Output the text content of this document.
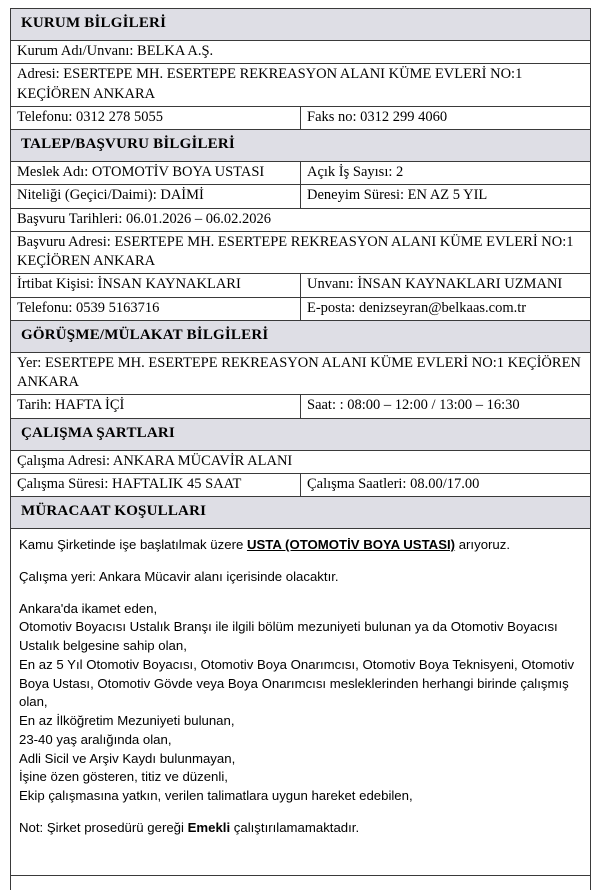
KURUM BİLGİLERİ	
Kurum Adı/Unvanı: BELKA A.Ş.	
Adresi: ESERTEPE MH. ESERTEPE REKREASYON ALANI KÜME EVLERİ NO:1 KEÇİÖREN ANKARA	
Telefonu: 0312 278 5055	Faks no: 0312 299 4060
TALEP/BAŞVURU BİLGİLERİ	
Meslek Adı: OTOMOTİV BOYA USTASI	Açık İş Sayısı: 2
Niteliği (Geçici/Daimi): DAİMİ	Deneyim Süresi: EN AZ 5 YIL
Başvuru Tarihleri: 06.01.2026 – 06.02.2026	
Başvuru Adresi: ESERTEPE MH. ESERTEPE REKREASYON ALANI KÜME EVLERİ NO:1 KEÇİÖREN ANKARA	
İrtibat Kişisi: İNSAN KAYNAKLARI	Unvanı: İNSAN KAYNAKLARI UZMANI
Telefonu: 0539 5163716	E-posta: denizseyran@belkaas.com.tr
GÖRÜŞME/MÜLAKAT BİLGİLERİ	
Yer: ESERTEPE MH. ESERTEPE REKREASYON ALANI KÜME EVLERİ NO:1 KEÇİÖREN ANKARA	
Tarih: HAFTA İÇİ	Saat: : 08:00 – 12:00 / 13:00 – 16:30
ÇALIŞMA ŞARTLARI	
Çalışma Adresi: ANKARA MÜCAVİR ALANI	
Çalışma Süresi: HAFTALIK 45 SAAT	Çalışma Saatleri: 08.00/17.00
MÜRACAAT KOŞULLARI	

Kamu Şirketinde işe başlatılmak üzere USTA (OTOMOTİV BOYA USTASI) arıyoruz.

Çalışma yeri: Ankara Mücavir alanı içerisinde olacaktır.

Ankara'da ikamet eden,

Otomotiv Boyacısı Ustalık Branşı ile ilgili bölüm mezuniyeti bulunan ya da Otomotiv Boyacısı Ustalık belgesine sahip olan,

En az 5 Yıl Otomotiv Boyacısı, Otomotiv Boya Onarımcısı, Otomotiv Boya Teknisyeni, Otomotiv Boya Ustası, Otomotiv Gövde veya Boya Onarımcısı mesleklerinden herhangi birinde çalışmış olan,

En az İlköğretim Mezuniyeti bulunan,

23-40 yaş aralığında olan,

Adli Sicil ve Arşiv Kaydı bulunmayan,

İşine özen gösteren, titiz ve düzenli,

Ekip çalışmasına yatkın, verilen talimatlara uygun hareket edebilen,

Not: Şirket prosedürü gereği Emekli çalıştırılamamaktadır.
